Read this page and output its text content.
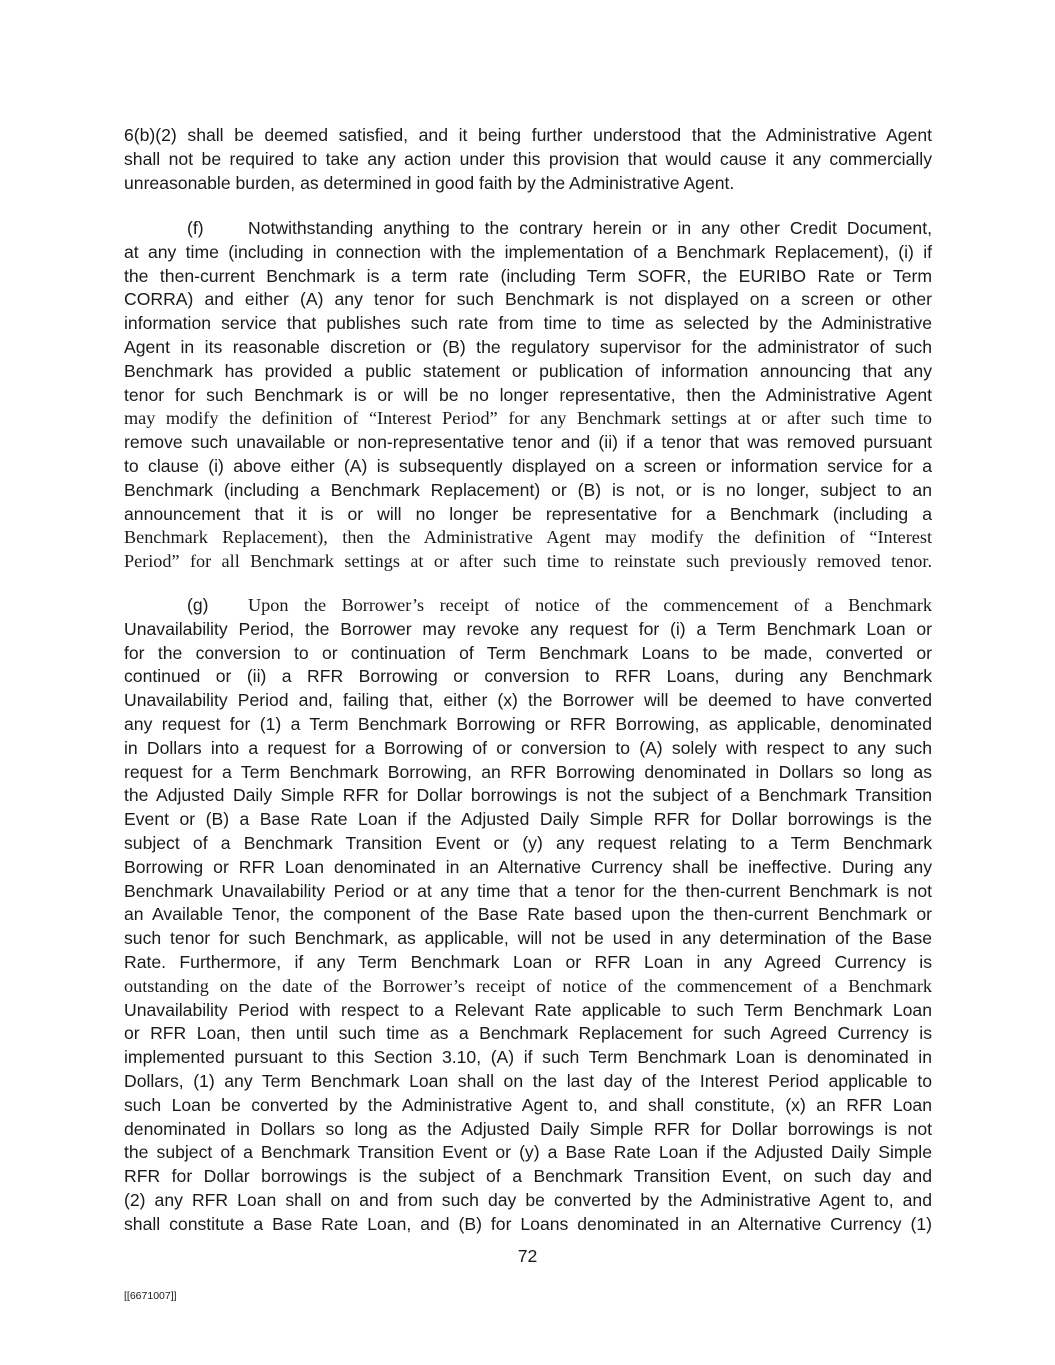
6(b)(2) shall be deemed satisfied, and it being further understood that the Administrative Agent
shall not be required to take any action under this provision that would cause it any commercially
unreasonable burden, as determined in good faith by the Administrative Agent.
(f)	Notwithstanding anything to the contrary herein or in any other Credit Document,
at any time (including in connection with the implementation of a Benchmark Replacement), (i) if
the then-current Benchmark is a term rate (including Term SOFR, the EURIBO Rate or Term
CORRA) and either (A) any tenor for such Benchmark is not displayed on a screen or other
information service that publishes such rate from time to time as selected by the Administrative
Agent in its reasonable discretion or (B) the regulatory supervisor for the administrator of such
Benchmark has provided a public statement or publication of information announcing that any
tenor for such Benchmark is or will be no longer representative, then the Administrative Agent
may modify the definition of “Interest Period” for any Benchmark settings at or after such time to
remove such unavailable or non-representative tenor and (ii) if a tenor that was removed pursuant
to clause (i) above either (A) is subsequently displayed on a screen or information service for a
Benchmark (including a Benchmark Replacement) or (B) is not, or is no longer, subject to an
announcement that it is or will no longer be representative for a Benchmark (including a
Benchmark Replacement), then the Administrative Agent may modify the definition of “Interest
Period” for all Benchmark settings at or after such time to reinstate such previously removed tenor.
(g) Upon the Borrower’s receipt of notice of the commencement of a Benchmark
Unavailability Period, the Borrower may revoke any request for (i) a Term Benchmark Loan or
for the conversion to or continuation of Term Benchmark Loans to be made, converted or
continued or (ii) a RFR Borrowing or conversion to RFR Loans, during any Benchmark
Unavailability Period and, failing that, either (x) the Borrower will be deemed to have converted
any request for (1) a Term Benchmark Borrowing or RFR Borrowing, as applicable, denominated
in Dollars into a request for a Borrowing of or conversion to (A) solely with respect to any such
request for a Term Benchmark Borrowing, an RFR Borrowing denominated in Dollars so long as
the Adjusted Daily Simple RFR for Dollar borrowings is not the subject of a Benchmark Transition
Event or (B) a Base Rate Loan if the Adjusted Daily Simple RFR for Dollar borrowings is the
subject of a Benchmark Transition Event or (y) any request relating to a Term Benchmark
Borrowing or RFR Loan denominated in an Alternative Currency shall be ineffective. During any
Benchmark Unavailability Period or at any time that a tenor for the then-current Benchmark is not
an Available Tenor, the component of the Base Rate based upon the then-current Benchmark or
such tenor for such Benchmark, as applicable, will not be used in any determination of the Base
Rate. Furthermore, if any Term Benchmark Loan or RFR Loan in any Agreed Currency is
outstanding on the date of the Borrower’s receipt of notice of the commencement of a Benchmark
Unavailability Period with respect to a Relevant Rate applicable to such Term Benchmark Loan
or RFR Loan, then until such time as a Benchmark Replacement for such Agreed Currency is
implemented pursuant to this Section 3.10, (A) if such Term Benchmark Loan is denominated in
Dollars, (1) any Term Benchmark Loan shall on the last day of the Interest Period applicable to
such Loan be converted by the Administrative Agent to, and shall constitute, (x) an RFR Loan
denominated in Dollars so long as the Adjusted Daily Simple RFR for Dollar borrowings is not
the subject of a Benchmark Transition Event or (y) a Base Rate Loan if the Adjusted Daily Simple
RFR for Dollar borrowings is the subject of a Benchmark Transition Event, on such day and
(2) any RFR Loan shall on and from such day be converted by the Administrative Agent to, and
shall constitute a Base Rate Loan, and (B) for Loans denominated in an Alternative Currency (1)
72
[[6671007]]
